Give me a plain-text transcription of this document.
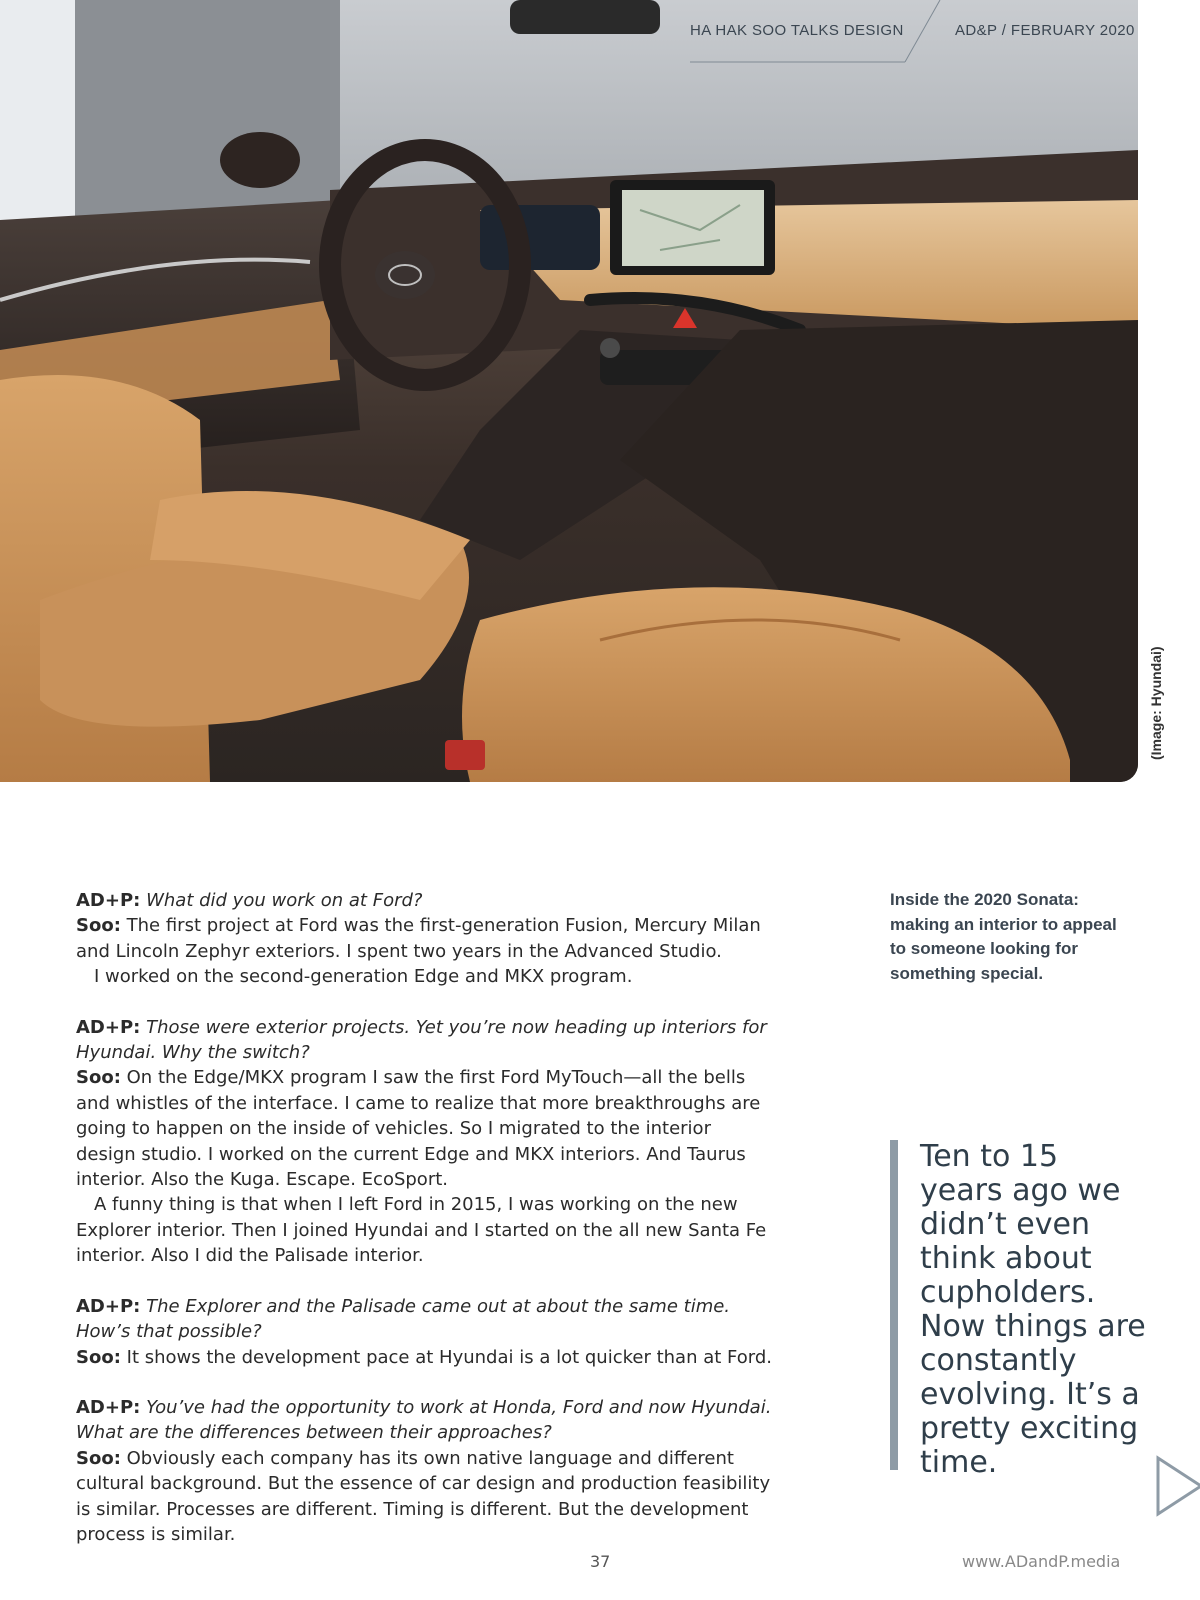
HA HAK SOO TALKS DESIGN	AD&P / FEBRUARY 2020
(Image: Hyundai)

AD+P: What did you work on at Ford?

Soo: The first project at Ford was the first-generation Fusion, Mercury Milan and Lincoln Zephyr exteriors. I spent two years in the Advanced Studio.

I worked on the second-generation Edge and MKX program.

AD+P: Those were exterior projects. Yet you’re now heading up interiors for Hyundai. Why the switch?

Soo: On the Edge/MKX program I saw the first Ford MyTouch—all the bells and whistles of the interface. I came to realize that more breakthroughs are going to happen on the inside of vehicles. So I migrated to the interior design studio. I worked on the current Edge and MKX interiors. And Taurus interior. Also the Kuga. Escape. EcoSport.

A funny thing is that when I left Ford in 2015, I was working on the new Explorer interior. Then I joined Hyundai and I started on the all new Santa Fe interior. Also I did the Palisade interior.

AD+P: The Explorer and the Palisade came out at about the same time. How’s that possible?

Soo: It shows the development pace at Hyundai is a lot quicker than at Ford.

AD+P: You’ve had the opportunity to work at Honda, Ford and now Hyundai. What are the differences between their approaches?

Soo: Obviously each company has its own native language and different cultural background. But the essence of car design and production feasibility is similar. Processes are different. Timing is different. But the development process is similar.

Inside the 2020 Sonata: making an interior to appeal to someone looking for something special.
Ten to 15 years ago we didn’t even think about cupholders. Now things are constantly evolving. It’s a pretty exciting time.
37	www.ADandP.media
